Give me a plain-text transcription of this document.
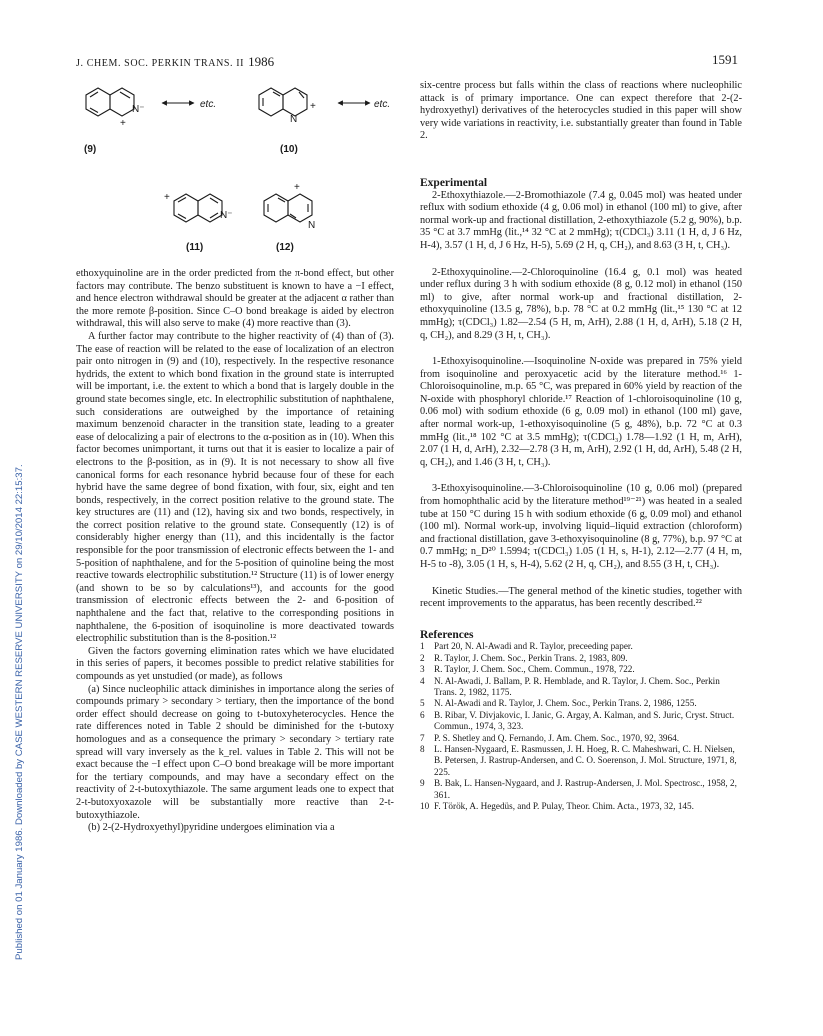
Published on 01 January 1986. Downloaded by CASE WESTERN RESERVE UNIVERSITY on 29/10/2014 22:15:37.
J. CHEM. SOC. PERKIN TRANS. II 1986	1591
N⁻
+	N
+
+
N⁻
+
N
etc.	etc.
(9)	(10)
(11)	(12)

ethoxyquinoline are in the order predicted from the π-bond effect, but other factors may contribute. The benzo substituent is known to have a −I effect, and hence electron withdrawal should be greater at the adjacent α rather than the more remote β-position. Since C–O bond breakage is aided by electron withdrawal, this will also serve to make (4) more reactive than (3).

A further factor may contribute to the higher reactivity of (4) than of (3). The ease of reaction will be related to the ease of localization of an electron pair onto nitrogen in (9) and (10), respectively. In the respective resonance hydrids, the extent to which bond fixation in the ground state is interrupted will be important, i.e. the extent to which a bond that is largely double in the ground state becomes single, etc. In electrophilic substitution of naphthalene, such considerations are outweighed by the importance of retaining maximum benzenoid character in the transition state, leading to a greater ease of delocalizing a pair of electrons to the α-position as in (10). When this factor becomes unimportant, it turns out that it is easier to localize a pair of electrons to the β-position, as in (9). It is not necessary to show all five canonical forms for each resonance hybrid because four of these for each hybrid have the same degree of bond fixation, with four, six, eight and ten bonds, respectively, in the correct position relative to the ground state. The key structures are (11) and (12), having six and two bonds, respectively, in the correct position relative to the ground state. Consequently (12) is of considerably higher energy than (11), and this incidentally is the factor responsible for the poor transmission of electronic effects between the 1- and 5-position of naphthalene, and for the 5-position of quinoline being the most reactive towards electrophilic substitution.¹² Structure (11) is of lower energy (and shown to be so by calculations¹³), and accounts for the good transmission of electronic effects between the 2- and 6-position of naphthalene and the fact that, relative to the corresponding positions in naphthalene, the 6-position of isoquinoline is more deactivated towards electrophilic substitution than is the 8-position.¹²

Given the factors governing elimination rates which we have elucidated in this series of papers, it becomes possible to predict relative stabilities for compounds as yet unstudied (or made), as follows

(a) Since nucleophilic attack diminishes in importance along the series of compounds primary > secondary > tertiary, then the importance of the bond order effect should decrease on going to t-butoxyheterocycles. Hence the rate differences noted in Table 2 should be diminished for the t-butoxy homologues and as a consequence the primary > secondary > tertiary rate spread will vary inversely as the k_rel. values in Table 2. This will not be exact because the −I effect upon C–O bond breakage will be more important for the tertiary compounds, and may have a secondary effect on the reactivity of 2-t-butoxythiazole. The same argument leads one to expect that 2-t-butoxyoxazole will be substantially more reactive than 2-t-butoxythiazole.

(b) 2-(2-Hydroxyethyl)pyridine undergoes elimination via a

six-centre process but falls within the class of reactions where nucleophilic attack is of primary importance. One can expect therefore that 2-(2-hydroxyethyl) derivatives of the heterocycles studied in this paper will show very wide variations in reactivity, i.e. substantially greater than found in Table 2.

Experimental

2-Ethoxythiazole.—2-Bromothiazole (7.4 g, 0.045 mol) was heated under reflux with sodium ethoxide (4 g, 0.06 mol) in ethanol (100 ml) to give, after normal work-up and fractional distillation, 2-ethoxythiazole (5.2 g, 90%), b.p. 35 °C at 3.7 mmHg (lit.,¹⁴ 32 °C at 2 mmHg); τ(CDCl₃) 3.11 (1 H, d, J 6 Hz, H-4), 3.57 (1 H, d, J 6 Hz, H-5), 5.69 (2 H, q, CH₂), and 8.63 (3 H, t, CH₃).

2-Ethoxyquinoline.—2-Chloroquinoline (16.4 g, 0.1 mol) was heated under reflux during 3 h with sodium ethoxide (8 g, 0.12 mol) in ethanol (150 ml) to give, after normal work-up and fractional distillation, 2-ethoxyquinoline (13.5 g, 78%), b.p. 78 °C at 0.2 mmHg (lit.,¹⁵ 130 °C at 12 mmHg); τ(CDCl₃) 1.82—2.54 (5 H, m, ArH), 2.88 (1 H, d, ArH), 5.18 (2 H, q, CH₂), and 8.29 (3 H, t, CH₃).

1-Ethoxyisoquinoline.—Isoquinoline N-oxide was prepared in 75% yield from isoquinoline and peroxyacetic acid by the literature method.¹⁶ 1-Chloroisoquinoline, m.p. 65 °C, was prepared in 60% yield by reaction of the N-oxide with phosphoryl chloride.¹⁷ Reaction of 1-chloroisoquinoline (10 g, 0.06 mol) with sodium ethoxide (6 g, 0.09 mol) in ethanol (100 ml) gave, after normal work-up, 1-ethoxyisoquinoline (5 g, 48%), b.p. 72 °C at 0.3 mmHg (lit.,¹⁸ 102 °C at 3.5 mmHg); τ(CDCl₃) 1.78—1.92 (1 H, m, ArH), 2.07 (1 H, d, ArH), 2.32—2.78 (3 H, m, ArH), 2.92 (1 H, dd, ArH), 5.48 (2 H, q, CH₂), and 1.46 (3 H, t, CH₃).

3-Ethoxyisoquinoline.—3-Chloroisoquinoline (10 g, 0.06 mol) (prepared from homophthalic acid by the literature method¹⁹⁻²¹) was heated in a sealed tube at 150 °C during 15 h with sodium ethoxide (6 g, 0.09 mol) and ethanol (100 ml). Normal work-up, involving liquid–liquid extraction (chloroform) and fractional distillation, gave 3-ethoxyisoquinoline (8 g, 77%), b.p. 97 °C at 0.7 mmHg; n_D²⁰ 1.5994; τ(CDCl₃) 1.05 (1 H, s, H-1), 2.12—2.77 (4 H, m, H-5 to -8), 3.05 (1 H, s, H-4), 5.62 (2 H, q, CH₂), and 8.55 (3 H, t, CH₃).

Kinetic Studies.—The general method of the kinetic studies, together with recent improvements to the apparatus, has been recently described.²²

References

1 Part 20, N. Al-Awadi and R. Taylor, preceeding paper.
2 R. Taylor, J. Chem. Soc., Perkin Trans. 2, 1983, 809.
3 R. Taylor, J. Chem. Soc., Chem. Commun., 1978, 722.
4 N. Al-Awadi, J. Ballam, P. R. Hemblade, and R. Taylor, J. Chem. Soc., Perkin Trans. 2, 1982, 1175.
5 N. Al-Awadi and R. Taylor, J. Chem. Soc., Perkin Trans. 2, 1986, 1255.
6 B. Ribar, V. Divjakovic, I. Janic, G. Argay, A. Kalman, and S. Juric, Cryst. Struct. Commun., 1974, 3, 323.
7 P. S. Shetley and Q. Fernando, J. Am. Chem. Soc., 1970, 92, 3964.
8 L. Hansen-Nygaard, E. Rasmussen, J. H. Hoeg, R. C. Maheshwari, C. H. Nielsen, B. Petersen, J. Rastrup-Andersen, and C. O. Soerenson, J. Mol. Structure, 1971, 8, 225.
9 B. Bak, L. Hansen-Nygaard, and J. Rastrup-Andersen, J. Mol. Spectrosc., 1958, 2, 361.
10 F. Török, A. Hegedüs, and P. Pulay, Theor. Chim. Acta., 1973, 32, 145.
